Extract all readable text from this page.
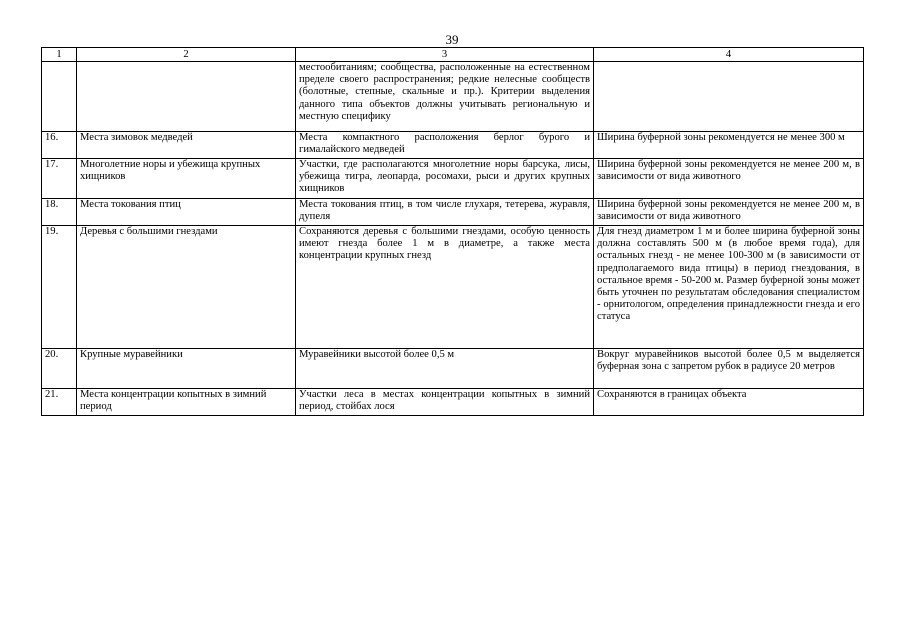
39
1	2	3	4
		местообитаниям; сообщества, расположенные на естественном пределе своего распространения; редкие нелесные сообществ (болотные, степные, скальные и пр.). Критерии выделения данного типа объектов должны учитывать региональную и местную специфику	
16.	Места зимовок медведей	Места компактного расположения берлог бурого и гималайского медведей	Ширина буферной зоны рекомендуется не менее 300 м
17.	Многолетние норы и убежища крупных хищников	Участки, где располагаются многолетние норы барсука, лисы, убежища тигра, леопарда, росомахи, рыси и других крупных хищников	Ширина буферной зоны рекомендуется не менее 200 м, в зависимости от вида животного
18.	Места токования птиц	Места токования птиц, в том числе глухаря, тетерева, журавля, дупеля	Ширина буферной зоны рекомендуется не менее 200 м, в зависимости от вида животного
19.	Деревья с большими гнездами	Сохраняются деревья с большими гнездами, особую ценность имеют гнезда более 1 м в диаметре, а также места концентрации крупных гнезд	Для гнезд диаметром 1 м и более ширина буферной зоны должна составлять 500 м (в любое время года), для остальных гнезд - не менее 100-300 м (в зависимости от предполагаемого вида птицы) в период гнездования, в остальное время - 50-200 м. Размер буферной зоны может быть уточнен по результатам обследования специалистом - орнитологом, определения принадлежности гнезда и его статуса
20.	Крупные муравейники	Муравейники высотой более 0,5 м	Вокруг муравейников высотой более 0,5 м выделяется буферная зона с запретом рубок в радиусе 20 метров
21.	Места концентрации копытных в зимний период	Участки леса в местах концентрации копытных в зимний период, стойбах лося	Сохраняются в границах объекта
